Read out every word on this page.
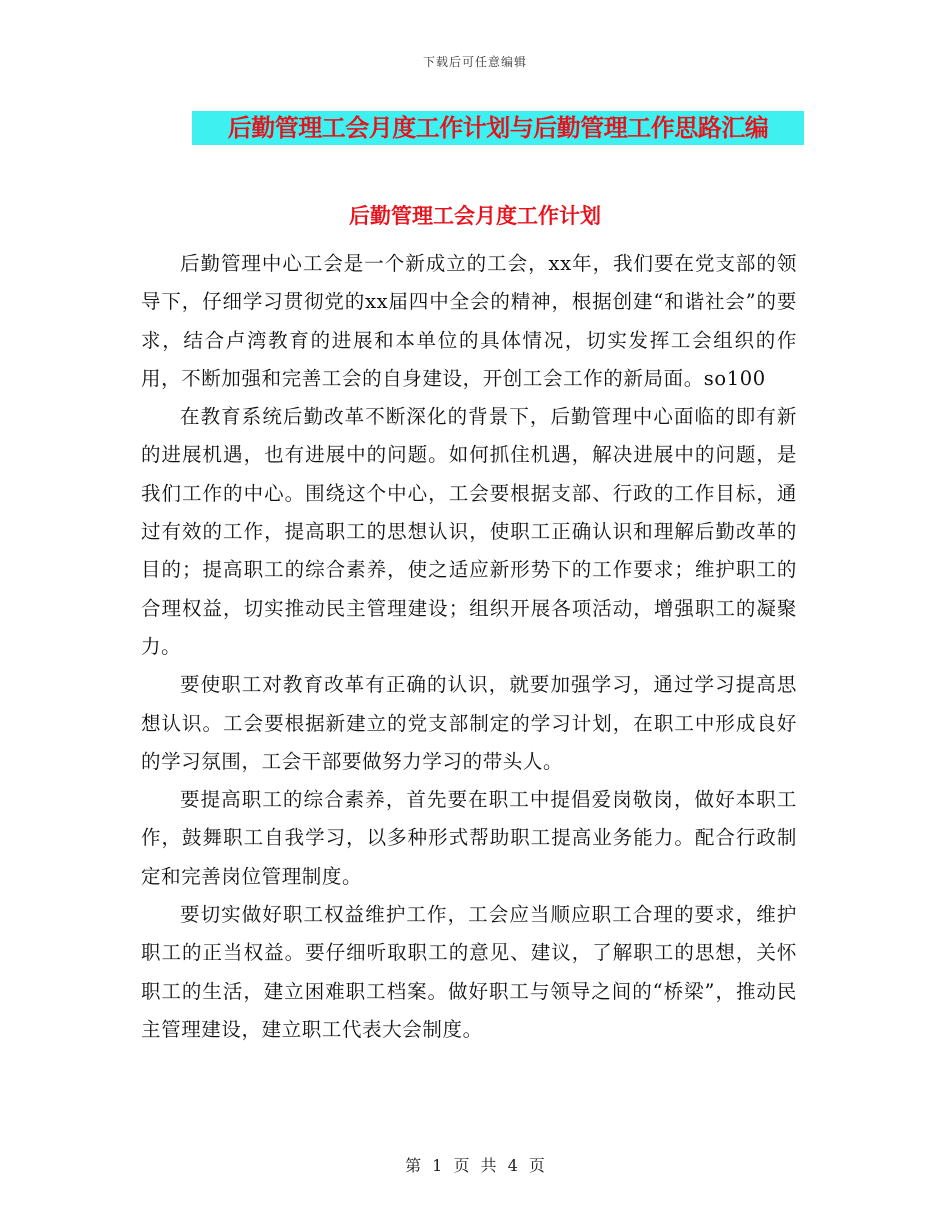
下载后可任意编辑
后勤管理工会月度工作计划与后勤管理工作思路汇编
后勤管理工会月度工作计划

后勤管理中心工会是一个新成立的工会，xx年，我们要在党支部的领导下，仔细学习贯彻党的xx届四中全会的精神，根据创建“和谐社会”的要求，结合卢湾教育的进展和本单位的具体情况，切实发挥工会组织的作用，不断加强和完善工会的自身建设，开创工会工作的新局面。so100

在教育系统后勤改革不断深化的背景下，后勤管理中心面临的即有新的进展机遇，也有进展中的问题。如何抓住机遇，解决进展中的问题，是我们工作的中心。围绕这个中心，工会要根据支部、行政的工作目标，通过有效的工作，提高职工的思想认识，使职工正确认识和理解后勤改革的目的；提高职工的综合素养，使之适应新形势下的工作要求；维护职工的合理权益，切实推动民主管理建设；组织开展各项活动，增强职工的凝聚力。

要使职工对教育改革有正确的认识，就要加强学习，通过学习提高思想认识。工会要根据新建立的党支部制定的学习计划，在职工中形成良好的学习氛围，工会干部要做努力学习的带头人。

要提高职工的综合素养，首先要在职工中提倡爱岗敬岗，做好本职工作，鼓舞职工自我学习，以多种形式帮助职工提高业务能力。配合行政制定和完善岗位管理制度。

要切实做好职工权益维护工作，工会应当顺应职工合理的要求，维护职工的正当权益。要仔细听取职工的意见、建议，了解职工的思想，关怀职工的生活，建立困难职工档案。做好职工与领导之间的“桥梁”，推动民主管理建设，建立职工代表大会制度。

第 1 页 共 4 页
